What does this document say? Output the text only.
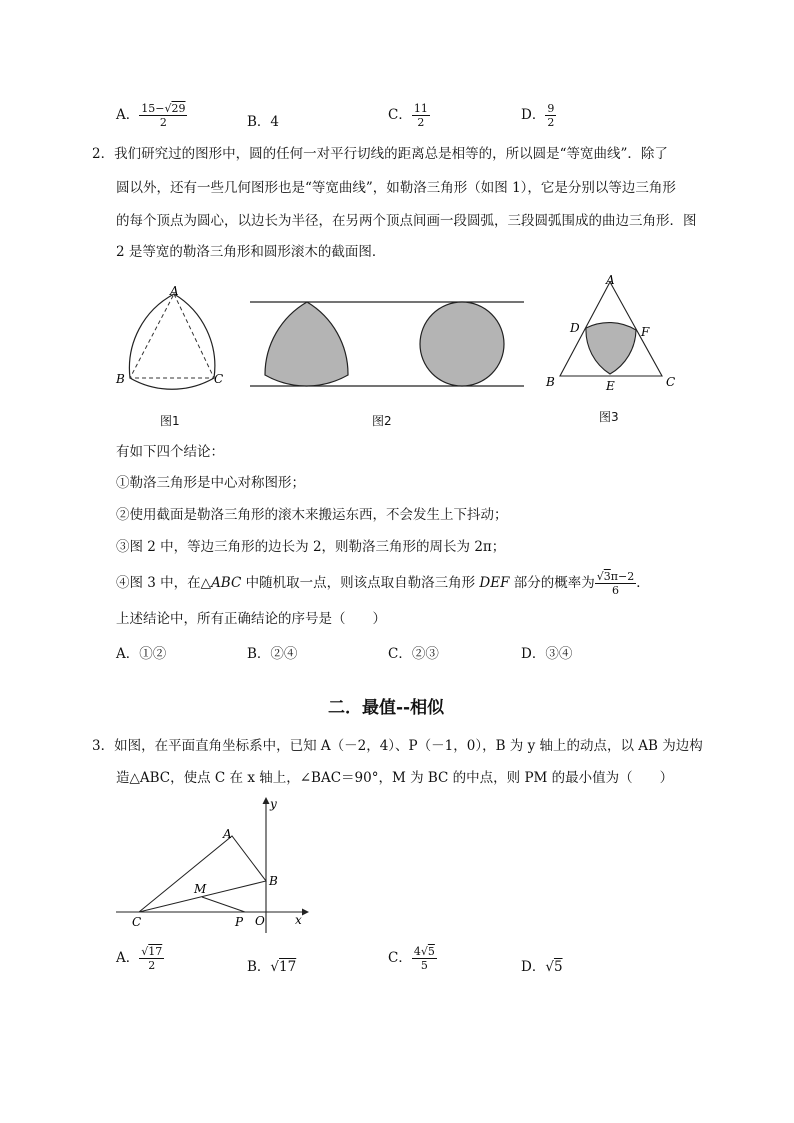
A． $\frac{15-√29}{2}$	B．4	C． $\frac{11}{2}$	D． $\frac{9}{2}$
2．我们研究过的图形中，圆的任何一对平行切线的距离总是相等的，所以圆是“等宽曲线”．除了
圆以外，还有一些几何图形也是“等宽曲线”，如勒洛三角形（如图 1），它是分别以等边三角形
的每个顶点为圆心，以边长为半径，在另两个顶点间画一段圆弧，三段圆弧围成的曲边三角形．图
2 是等宽的勒洛三角形和圆形滚木的截面图．
A
B	C
图1	图2
A
B	C
D
E
F
图3
有如下四个结论：
①勒洛三角形是中心对称图形；
②使用截面是勒洛三角形的滚木来搬运东西，不会发生上下抖动；
③图 2 中，等边三角形的边长为 2，则勒洛三角形的周长为 2π；
④图 3 中，在△ABC 中随机取一点，则该点取自勒洛三角形 DEF 部分的概率为 $\frac{√3\pi-2}{6}$ ．
上述结论中，所有正确结论的序号是（　　）
A．①②	B．②④	C．②③	D．③④
二．最值--相似
3．如图，在平面直角坐标系中，已知 A（－2，4）、P（－1，0），B 为 y 轴上的动点，以 AB 为边构
造△ABC，使点 C 在 x 轴上，∠BAC＝90°，M 为 BC 的中点，则 PM 的最小值为（　　）
A
B
C
M
P O	x
y
A． $\frac{√17}{2}$	B．√17
C． $\frac{4√5}{5}$	D．√5
